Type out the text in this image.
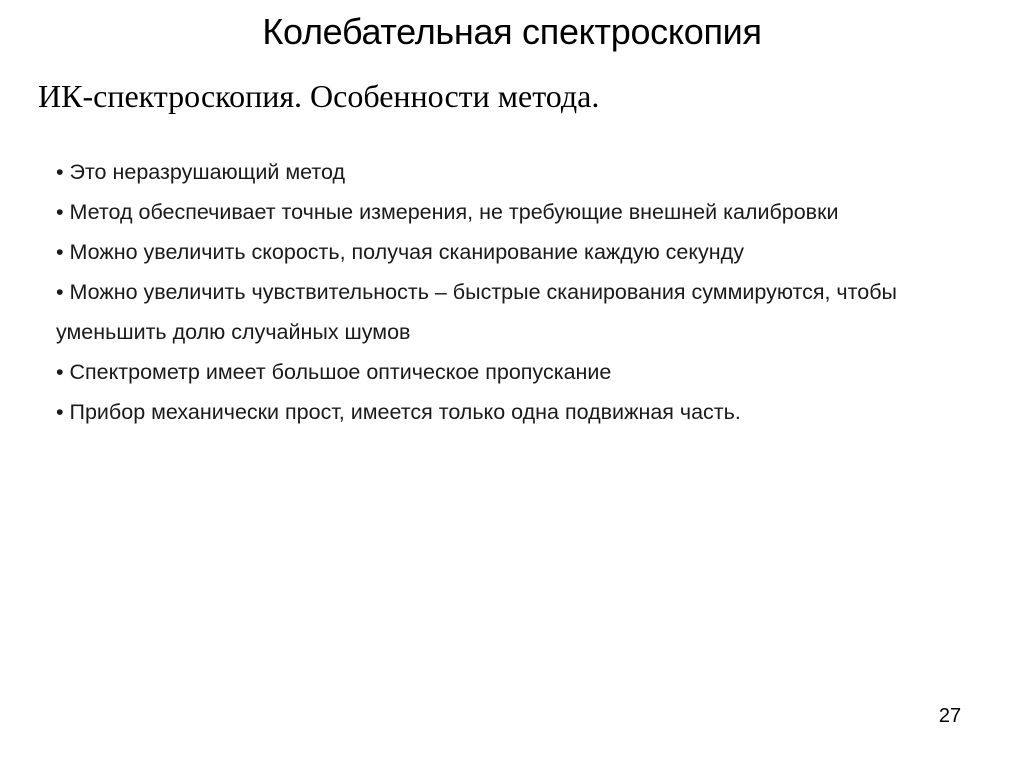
Колебательная спектроскопия
ИК-спектроскопия. Особенности метода.

• Это неразрушающий метод

• Метод обеспечивает точные измерения, не требующие внешней калибровки

• Можно увеличить скорость, получая сканирование каждую секунду

• Можно увеличить чувствительность – быстрые сканирования суммируются, чтобы уменьшить долю случайных шумов

• Спектрометр имеет большое оптическое пропускание

• Прибор механически прост, имеется только одна подвижная часть.

27
